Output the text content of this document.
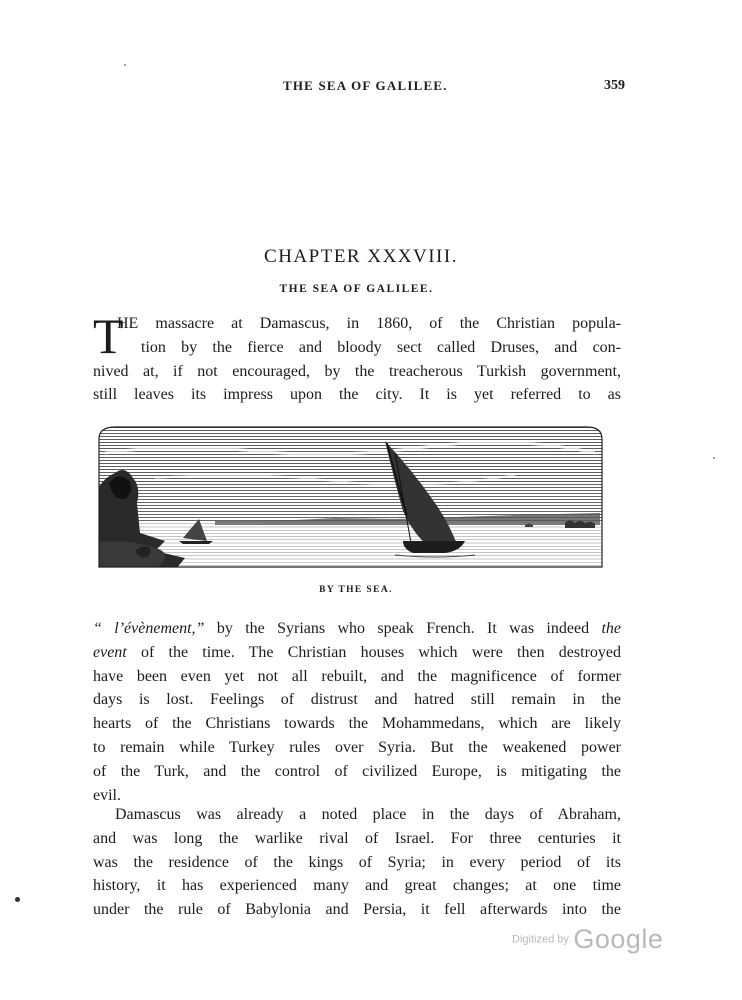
THE SEA OF GALILEE.	359
CHAPTER XXXVIII.
THE SEA OF GALILEE.
T
HE massacre at Damascus, in 1860, of the Christian popula-
tion by the fierce and bloody sect called Druses, and con-
nived at, if not encouraged, by the treacherous Turkish government,
still leaves its impress upon the city. It is yet referred to as
BY THE SEA.
“ l’évènement,” by the Syrians who speak French. It was indeed the
event of the time. The Christian houses which were then destroyed
have been even yet not all rebuilt, and the magnificence of former
days is lost. Feelings of distrust and hatred still remain in the
hearts of the Christians towards the Mohammedans, which are likely
to remain while Turkey rules over Syria. But the weakened power
of the Turk, and the control of civilized Europe, is mitigating the
evil.
Damascus was already a noted place in the days of Abraham,
and was long the warlike rival of Israel. For three centuries it
was the residence of the kings of Syria; in every period of its
history, it has experienced many and great changes; at one time
under the rule of Babylonia and Persia, it fell afterwards into the
Digitized by Google
